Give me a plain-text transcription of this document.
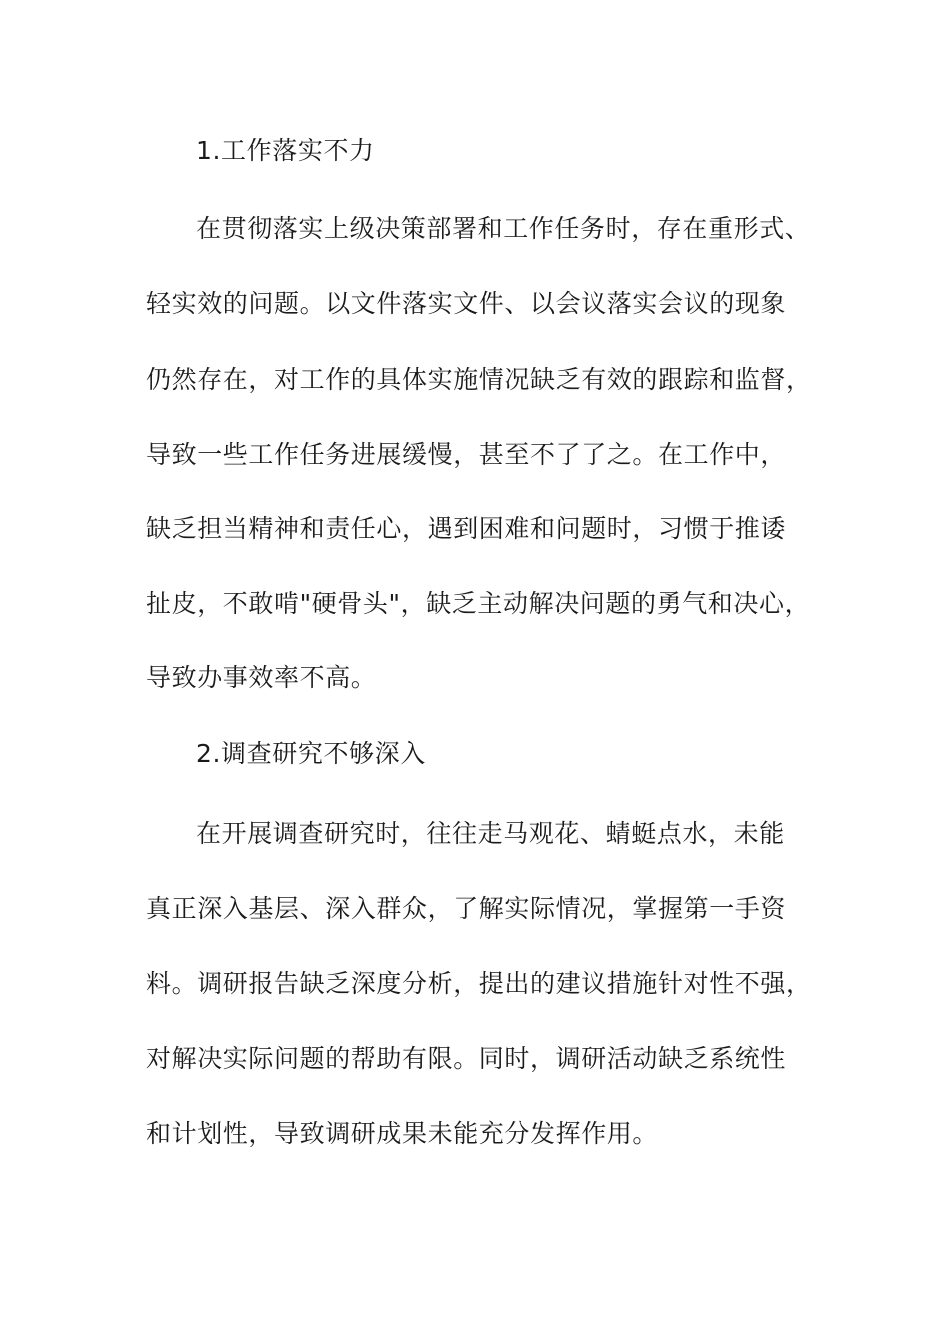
1.工作落实不力
在贯彻落实上级决策部署和工作任务时，存在重形式、
轻实效的问题。以文件落实文件、以会议落实会议的现象
仍然存在，对工作的具体实施情况缺乏有效的跟踪和监督，
导致一些工作任务进展缓慢，甚至不了了之。在工作中，
缺乏担当精神和责任心，遇到困难和问题时，习惯于推诿
扯皮，不敢啃"硬骨头"，缺乏主动解决问题的勇气和决心，
导致办事效率不高。
2.调查研究不够深入
在开展调查研究时，往往走马观花、蜻蜓点水，未能
真正深入基层、深入群众，了解实际情况，掌握第一手资
料。调研报告缺乏深度分析，提出的建议措施针对性不强，
对解决实际问题的帮助有限。同时，调研活动缺乏系统性
和计划性，导致调研成果未能充分发挥作用。
